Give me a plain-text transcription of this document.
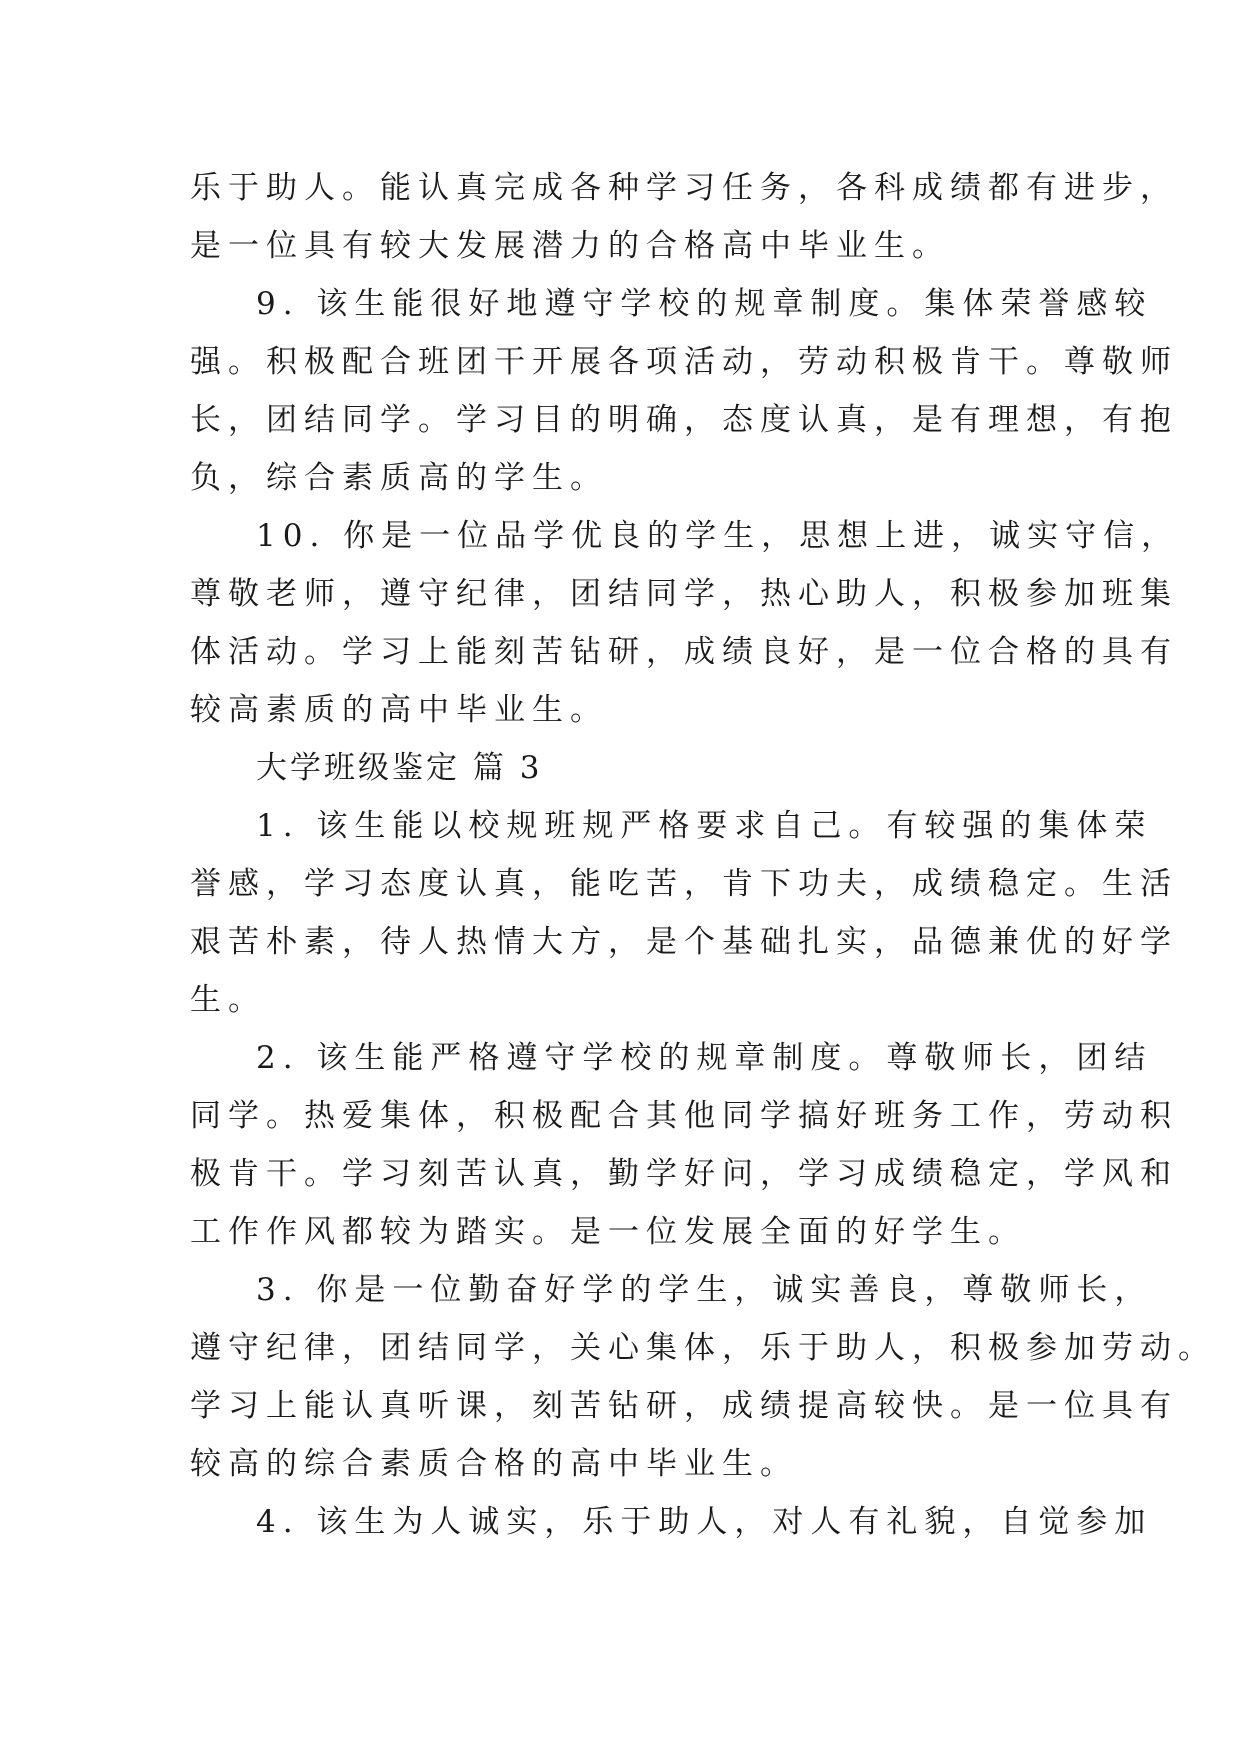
乐于助人。能认真完成各种学习任务，各科成绩都有进步，
是一位具有较大发展潜力的合格高中毕业生。
9. 该生能很好地遵守学校的规章制度。集体荣誉感较
强。积极配合班团干开展各项活动，劳动积极肯干。尊敬师
长，团结同学。学习目的明确，态度认真，是有理想，有抱
负，综合素质高的学生。
10. 你是一位品学优良的学生，思想上进，诚实守信，
尊敬老师，遵守纪律，团结同学，热心助人，积极参加班集
体活动。学习上能刻苦钻研，成绩良好，是一位合格的具有
较高素质的高中毕业生。
大学班级鉴定 篇 3
1. 该生能以校规班规严格要求自己。有较强的集体荣
誉感，学习态度认真，能吃苦，肯下功夫，成绩稳定。生活
艰苦朴素，待人热情大方，是个基础扎实，品德兼优的好学
生。
2. 该生能严格遵守学校的规章制度。尊敬师长，团结
同学。热爱集体，积极配合其他同学搞好班务工作，劳动积
极肯干。学习刻苦认真，勤学好问，学习成绩稳定，学风和
工作作风都较为踏实。是一位发展全面的好学生。
3. 你是一位勤奋好学的学生，诚实善良，尊敬师长，
遵守纪律，团结同学，关心集体，乐于助人，积极参加劳动。
学习上能认真听课，刻苦钻研，成绩提高较快。是一位具有
较高的综合素质合格的高中毕业生。
4. 该生为人诚实，乐于助人，对人有礼貌，自觉参加
